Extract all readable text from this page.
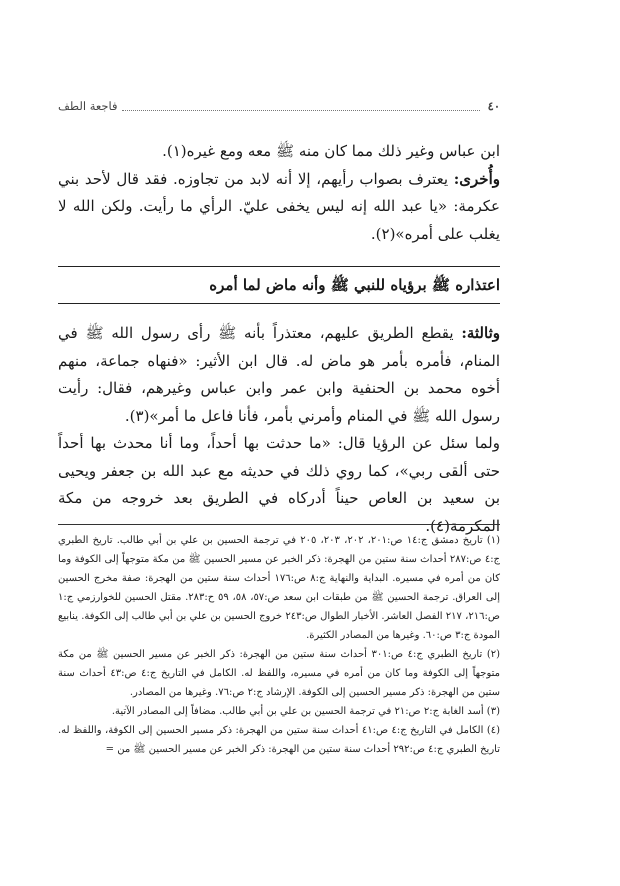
٤٠
فاجعة الطف

ابن عباس وغير ذلك مما كان منه ﷺ معه ومع غيره(١).

وأُخرى: يعترف بصواب رأيهم، إلا أنه لابد من تجاوزه. فقد قال لأحد بني عكرمة: «يا عبد الله إنه ليس يخفى عليّ. الرأي ما رأيت. ولكن الله لا يغلب على أمره»(٢).

اعتذاره ﷺ برؤياه للنبي ﷺ وأنه ماض لما أمره

وثالثة: يقطع الطريق عليهم، معتذراً بأنه ﷺ رأى رسول الله ﷺ في المنام، فأمره بأمر هو ماض له. قال ابن الأثير: «فنهاه جماعة، منهم أخوه محمد بن الحنفية وابن عمر وابن عباس وغيرهم، فقال: رأيت رسول الله ﷺ في المنام وأمرني بأمر، فأنا فاعل ما أمر»(٣).

ولما سئل عن الرؤيا قال: «ما حدثت بها أحداً، وما أنا محدث بها أحداً حتى ألقى ربي»، كما روي ذلك في حديثه مع عبد الله بن جعفر ويحيى بن سعيد بن العاص حيناً أدركاه في الطريق بعد خروجه من مكة المكرمة(٤).

(١) تاريخ دمشق ج:١٤ ص:٢٠١، ٢٠٢، ٢٠٣، ٢٠٥ في ترجمة الحسين بن علي بن أبي طالب. تاريخ الطبري ج:٤ ص:٢٨٧ أحداث سنة ستين من الهجرة: ذكر الخبر عن مسير الحسين ﷺ من مكة متوجهاً إلى الكوفة وما كان من أمره في مسيره. البداية والنهاية ج:٨ ص:١٧٦ أحداث سنة ستين من الهجرة: صفة مخرج الحسين إلى العراق. ترجمة الحسين ﷺ من طبقات ابن سعد ص:٥٧، ٥٨، ٥٩ ح:٢٨٣. مقتل الحسين للخوارزمي ج:١ ص:٢١٦، ٢١٧ الفصل العاشر. الأخبار الطوال ص:٢٤٣ خروج الحسين بن علي بن أبي طالب إلى الكوفة. ينابيع المودة ج:٣ ص:٦٠. وغيرها من المصادر الكثيرة.

(٢) تاريخ الطبري ج:٤ ص:٣٠١ أحداث سنة ستين من الهجرة: ذكر الخبر عن مسير الحسين ﷺ من مكة متوجهاً إلى الكوفة وما كان من أمره في مسيره، واللفظ له. الكامل في التاريخ ج:٤ ص:٤٣ أحداث سنة ستين من الهجرة: ذكر مسير الحسين إلى الكوفة. الإرشاد ج:٢ ص:٧٦. وغيرها من المصادر.

(٣) أسد الغابة ج:٢ ص:٢١ في ترجمة الحسين بن علي بن أبي طالب. مضافاً إلى المصادر الآتية.

(٤) الكامل في التاريخ ج:٤ ص:٤١ أحداث سنة ستين من الهجرة: ذكر مسير الحسين إلى الكوفة، واللفظ له. تاريخ الطبري ج:٤ ص:٢٩٢ أحداث سنة ستين من الهجرة: ذكر الخبر عن مسير الحسين ﷺ من =
